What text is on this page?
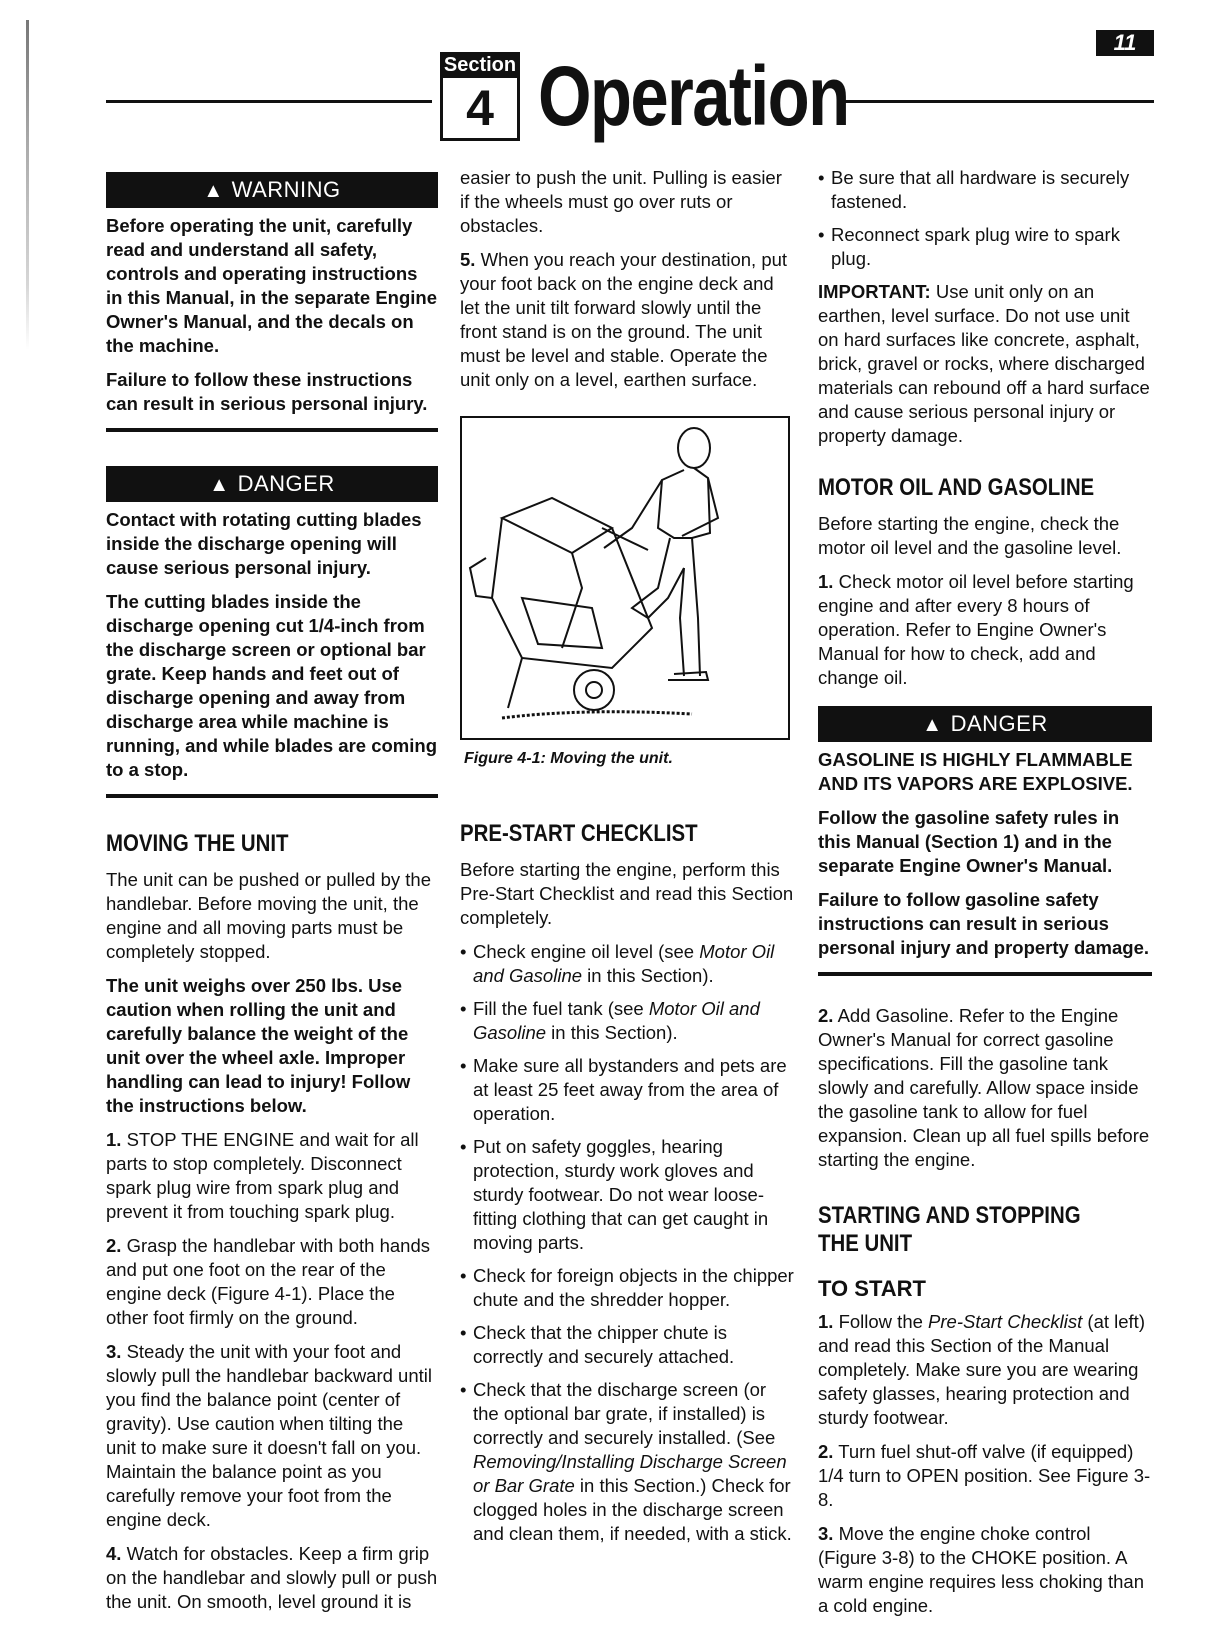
11
Section
4 Operation
▲ WARNING

Before operating the unit, carefully read and understand all safety, controls and operating instructions in this Manual, in the separate Engine Owner's Manual, and the decals on the machine.

Failure to follow these instructions can result in serious personal injury.

▲ DANGER

Contact with rotating cutting blades inside the discharge opening will cause serious personal injury.

The cutting blades inside the discharge opening cut 1/4-inch from the discharge screen or optional bar grate. Keep hands and feet out of discharge opening and away from discharge area while machine is running, and while blades are coming to a stop.

MOVING THE UNIT

The unit can be pushed or pulled by the handlebar. Before moving the unit, the engine and all moving parts must be completely stopped.

The unit weighs over 250 lbs. Use caution when rolling the unit and carefully balance the weight of the unit over the wheel axle. Improper handling can lead to injury! Follow the instructions below.

1. STOP THE ENGINE and wait for all parts to stop completely. Disconnect spark plug wire from spark plug and prevent it from touching spark plug.

2. Grasp the handlebar with both hands and put one foot on the rear of the engine deck (Figure 4-1). Place the other foot firmly on the ground.

3. Steady the unit with your foot and slowly pull the handlebar backward until you find the balance point (center of gravity). Use caution when tilting the unit to make sure it doesn't fall on you. Maintain the balance point as you carefully remove your foot from the engine deck.

4. Watch for obstacles. Keep a firm grip on the handlebar and slowly pull or push the unit. On smooth, level ground it is

easier to push the unit. Pulling is easier if the wheels must go over ruts or obstacles.

5. When you reach your destination, put your foot back on the engine deck and let the unit tilt forward slowly until the front stand is on the ground. The unit must be level and stable. Operate the unit only on a level, earthen surface.

Figure 4-1: Moving the unit.
PRE-START CHECKLIST

Before starting the engine, perform this Pre-Start Checklist and read this Section completely.

• Check engine oil level (see Motor Oil and Gasoline in this Section).
• Fill the fuel tank (see Motor Oil and Gasoline in this Section).
• Make sure all bystanders and pets are at least 25 feet away from the area of operation.
• Put on safety goggles, hearing protection, sturdy work gloves and sturdy footwear. Do not wear loose-fitting clothing that can get caught in moving parts.
• Check for foreign objects in the chipper chute and the shredder hopper.
• Check that the chipper chute is correctly and securely attached.
• Check that the discharge screen (or the optional bar grate, if installed) is correctly and securely installed. (See Removing/Installing Discharge Screen or Bar Grate in this Section.) Check for clogged holes in the discharge screen and clean them, if needed, with a stick.
• Be sure that all hardware is securely fastened.
• Reconnect spark plug wire to spark plug.

IMPORTANT: Use unit only on an earthen, level surface. Do not use unit on hard surfaces like concrete, asphalt, brick, gravel or rocks, where discharged materials can rebound off a hard surface and cause serious personal injury or property damage.

MOTOR OIL AND GASOLINE

Before starting the engine, check the motor oil level and the gasoline level.

1. Check motor oil level before starting engine and after every 8 hours of operation. Refer to Engine Owner's Manual for how to check, add and change oil.

▲ DANGER

GASOLINE IS HIGHLY FLAMMABLE AND ITS VAPORS ARE EXPLOSIVE.

Follow the gasoline safety rules in this Manual (Section 1) and in the separate Engine Owner's Manual.

Failure to follow gasoline safety instructions can result in serious personal injury and property damage.

2. Add Gasoline. Refer to the Engine Owner's Manual for correct gasoline specifications. Fill the gasoline tank slowly and carefully. Allow space inside the gasoline tank to allow for fuel expansion. Clean up all fuel spills before starting the engine.

STARTING AND STOPPING
THE UNIT
TO START

1. Follow the Pre-Start Checklist (at left) and read this Section of the Manual completely. Make sure you are wearing safety glasses, hearing protection and sturdy footwear.

2. Turn fuel shut-off valve (if equipped) 1/4 turn to OPEN position. See Figure 3-8.

3. Move the engine choke control (Figure 3-8) to the CHOKE position. A warm engine requires less choking than a cold engine.
